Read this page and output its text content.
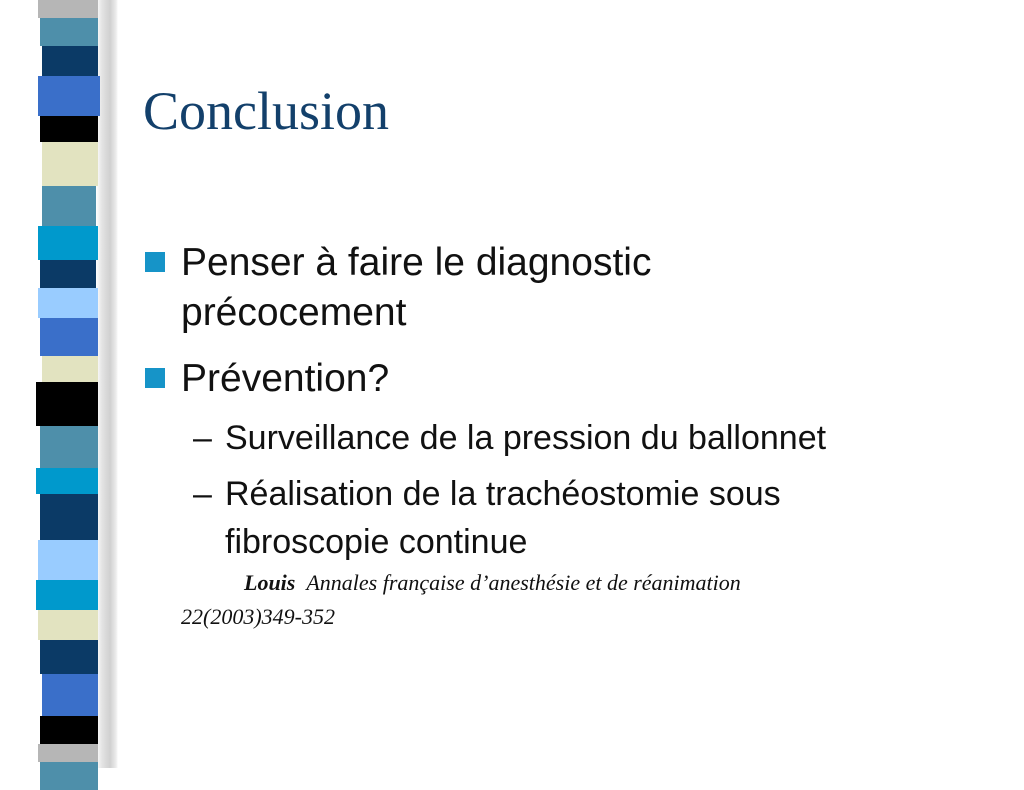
Conclusion
Penser à faire le diagnostic
précocement
Prévention?
– Surveillance de la pression du ballonnet
– Réalisation de la trachéostomie sous
fibroscopie continue
Louis Annales française d’anesthésie et de réanimation
22(2003)349-352
